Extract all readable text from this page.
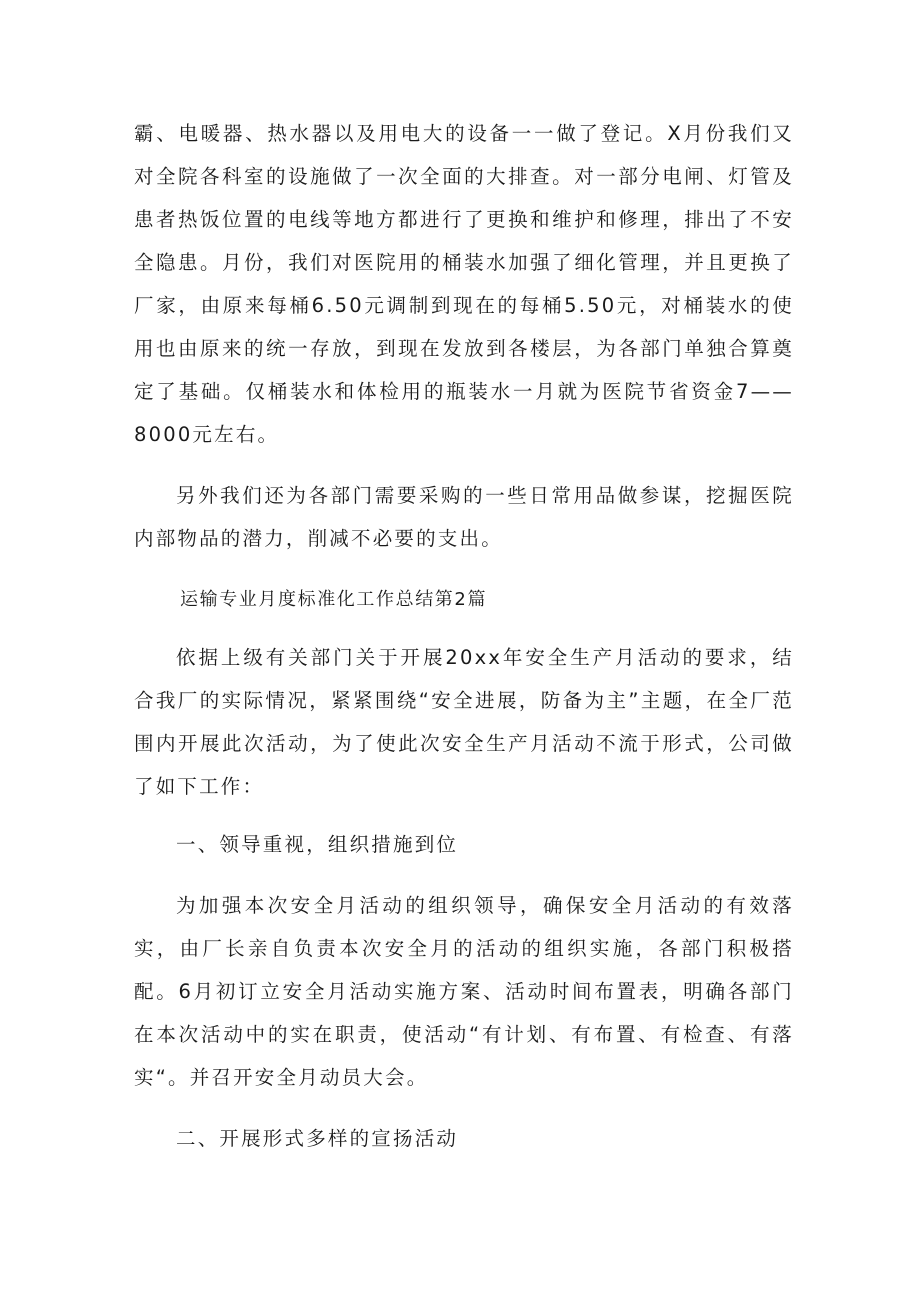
霸、电暖器、热水器以及用电大的设备一一做了登记。X月份我们又对全院各科室的设施做了一次全面的大排查。对一部分电闸、灯管及患者热饭位置的电线等地方都进行了更换和维护和修理，排出了不安全隐患。月份，我们对医院用的桶装水加强了细化管理，并且更换了厂家，由原来每桶6.50元调制到现在的每桶5.50元，对桶装水的使用也由原来的统一存放，到现在发放到各楼层，为各部门单独合算奠定了基础。仅桶装水和体检用的瓶装水一月就为医院节省资金7——8000元左右。

另外我们还为各部门需要采购的一些日常用品做参谋，挖掘医院内部物品的潜力，削减不必要的支出。

运输专业月度标准化工作总结第2篇

依据上级有关部门关于开展20xx年安全生产月活动的要求，结合我厂的实际情况，紧紧围绕“安全进展，防备为主”主题，在全厂范围内开展此次活动，为了使此次安全生产月活动不流于形式，公司做了如下工作：

一、领导重视，组织措施到位

为加强本次安全月活动的组织领导，确保安全月活动的有效落实，由厂长亲自负责本次安全月的活动的组织实施，各部门积极搭配。6月初订立安全月活动实施方案、活动时间布置表，明确各部门在本次活动中的实在职责，使活动“有计划、有布置、有检查、有落实“。并召开安全月动员大会。

二、开展形式多样的宣扬活动
